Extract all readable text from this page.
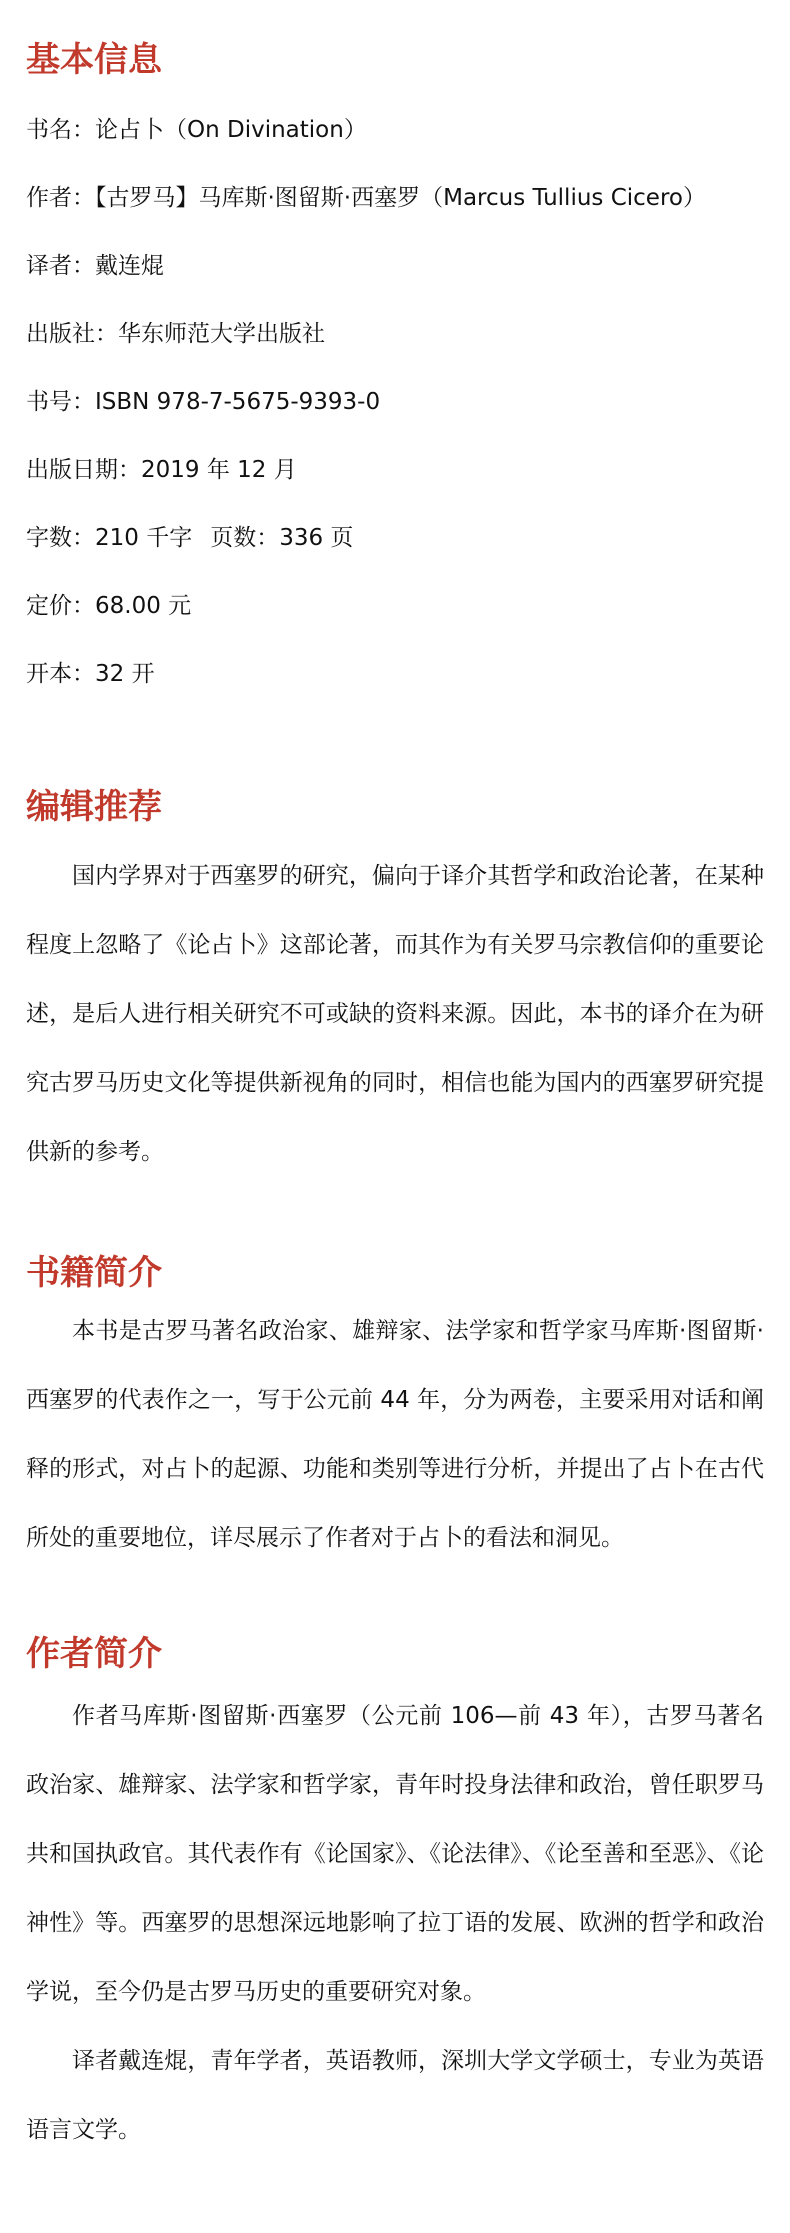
基本信息

书名：论占卜（On Divination）

作者：【古罗马】马库斯·图留斯·西塞罗（Marcus Tullius Cicero）

译者：戴连焜

出版社：华东师范大学出版社

书号：ISBN 978-7-5675-9393-0

出版日期：2019 年 12 月

字数：210 千字 页数：336 页

定价：68.00 元

开本：32 开

编辑推荐

国内学界对于西塞罗的研究，偏向于译介其哲学和政治论著，在某种程度上忽略了《论占卜》这部论著，而其作为有关罗马宗教信仰的重要论述，是后人进行相关研究不可或缺的资料来源。因此，本书的译介在为研究古罗马历史文化等提供新视角的同时，相信也能为国内的西塞罗研究提供新的参考。

书籍简介

本书是古罗马著名政治家、雄辩家、法学家和哲学家马库斯·图留斯·西塞罗的代表作之一，写于公元前 44 年，分为两卷，主要采用对话和阐释的形式，对占卜的起源、功能和类别等进行分析，并提出了占卜在古代所处的重要地位，详尽展示了作者对于占卜的看法和洞见。

作者简介

作者马库斯·图留斯·西塞罗（公元前 106—前 43 年），古罗马著名政治家、雄辩家、法学家和哲学家，青年时投身法律和政治，曾任职罗马共和国执政官。其代表作有《论国家》、《论法律》、《论至善和至恶》、《论神性》等。西塞罗的思想深远地影响了拉丁语的发展、欧洲的哲学和政治学说，至今仍是古罗马历史的重要研究对象。

译者戴连焜，青年学者，英语教师，深圳大学文学硕士，专业为英语语言文学。
